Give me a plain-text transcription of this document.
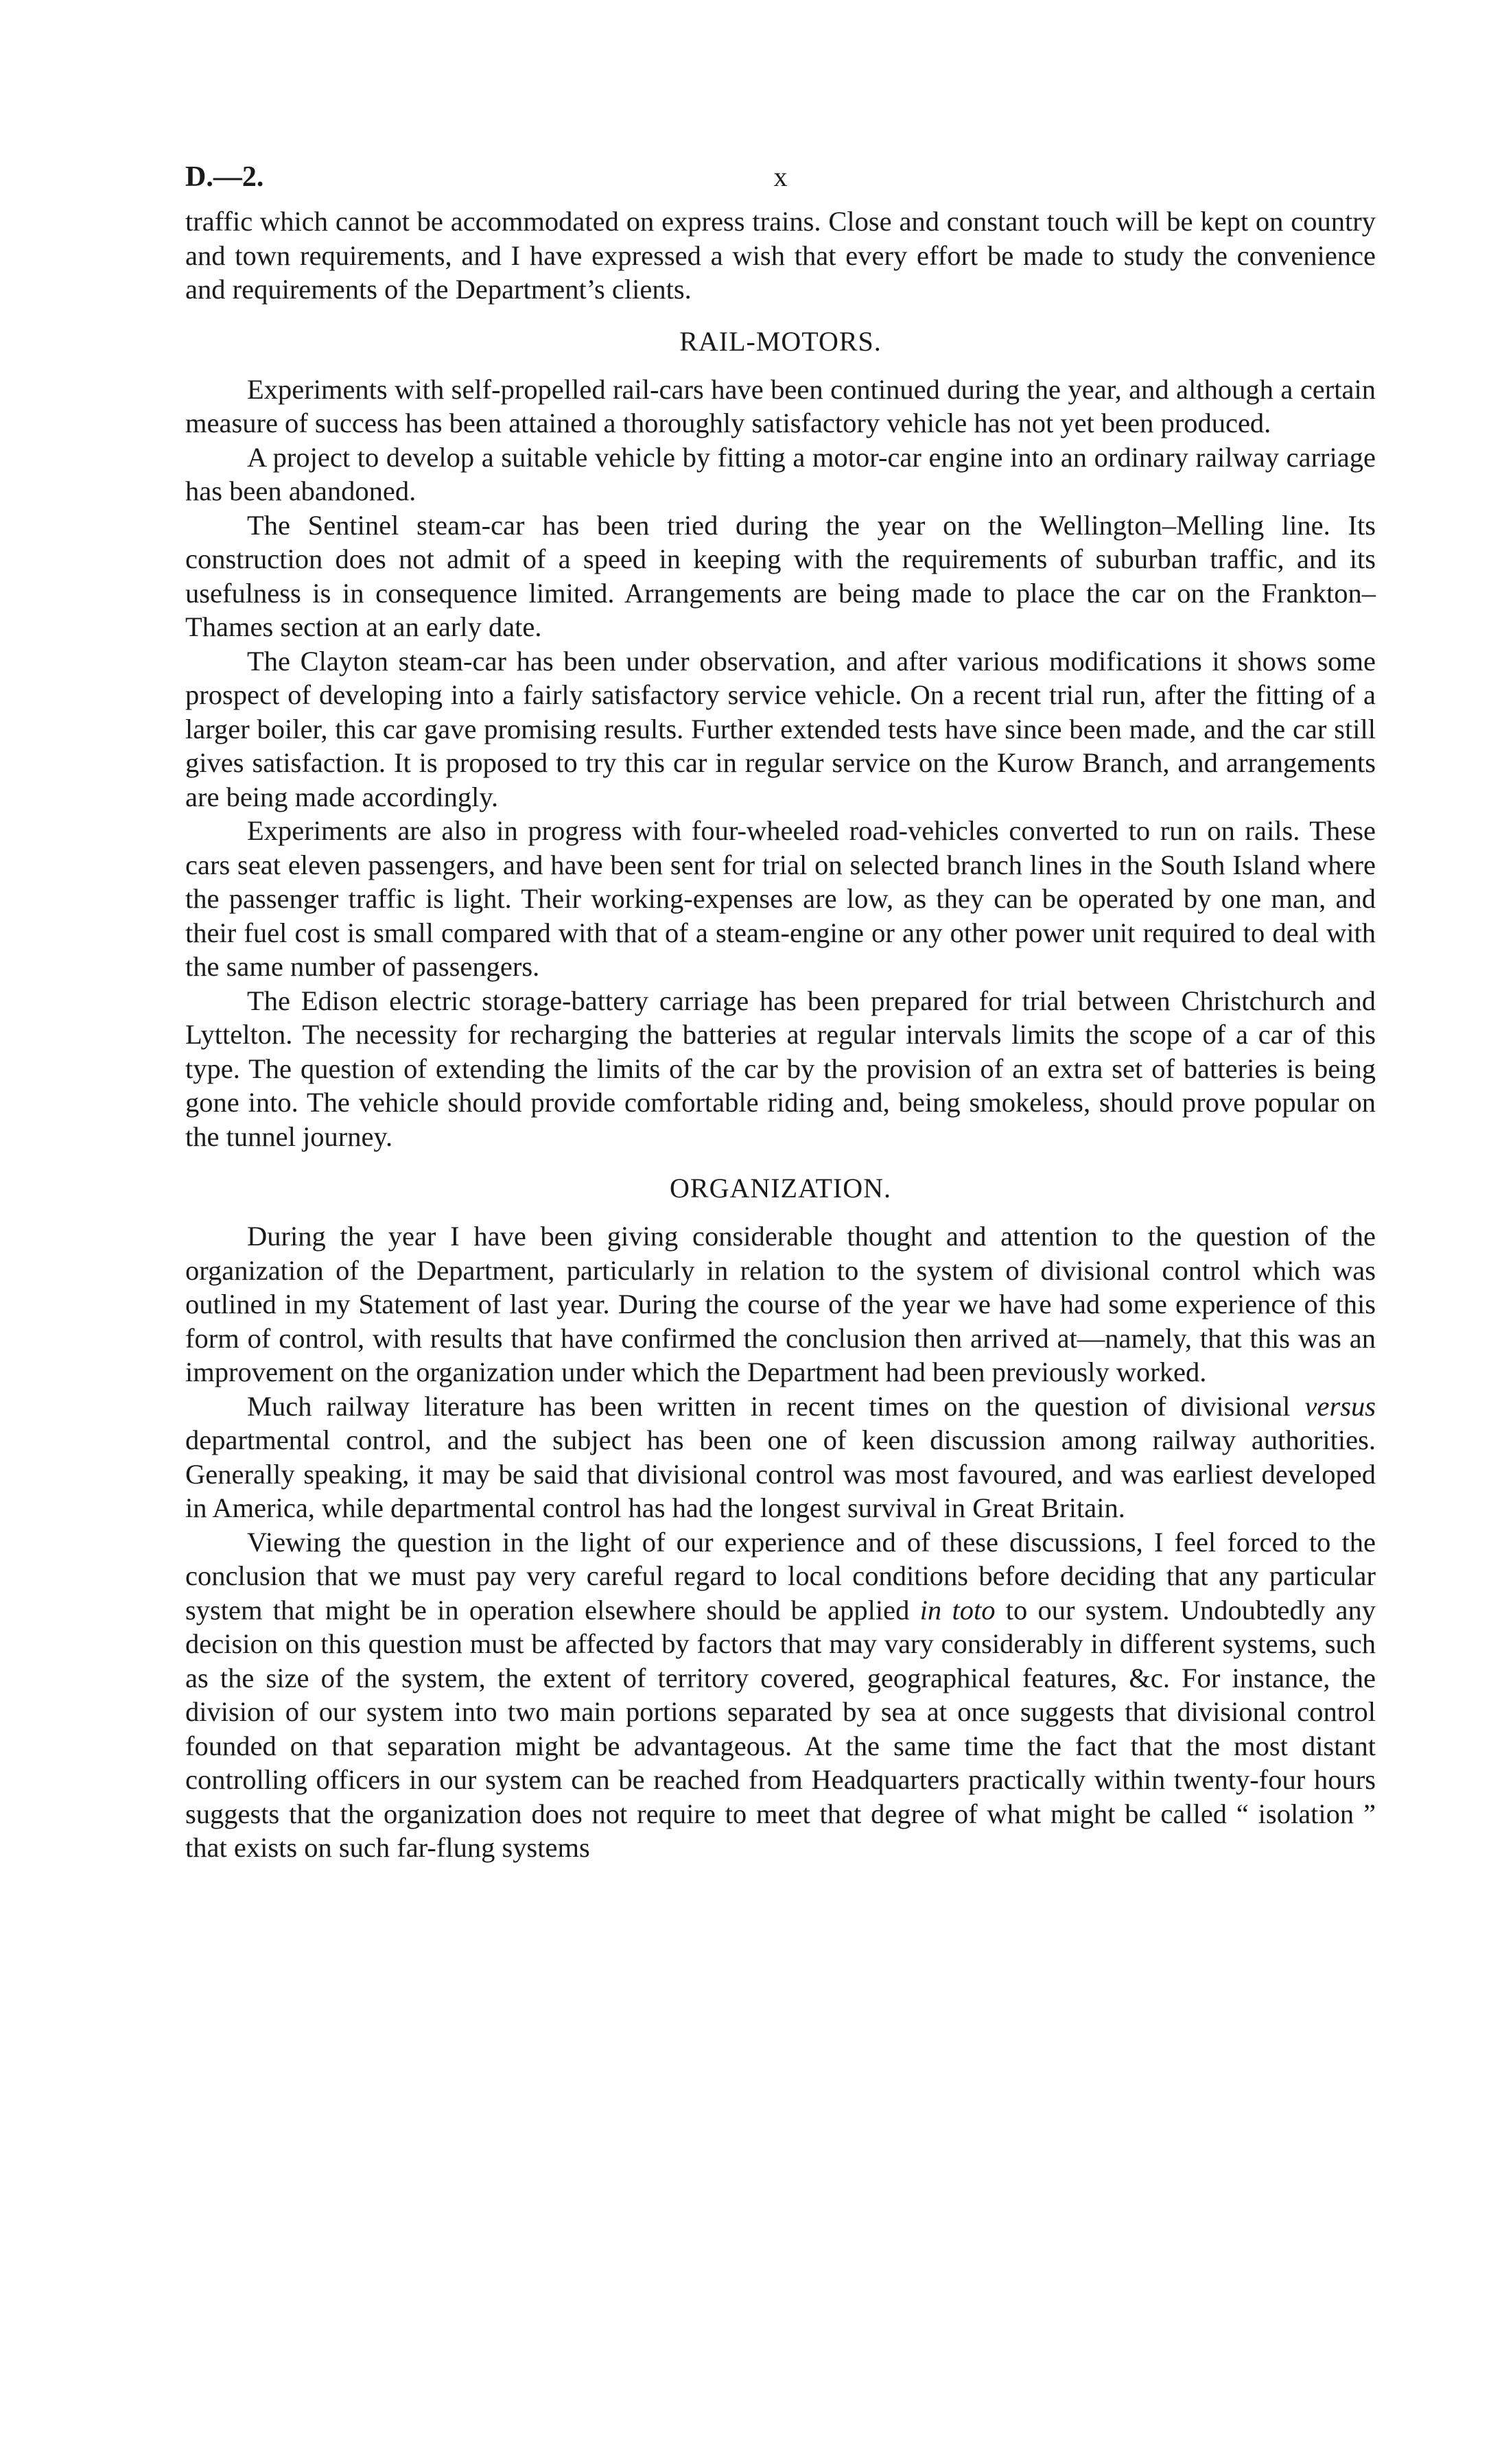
D.—2.	x

traffic which cannot be accommodated on express trains. Close and constant touch will be kept on country and town requirements, and I have expressed a wish that every effort be made to study the convenience and requirements of the Department’s clients.

RAIL-MOTORS.

Experiments with self-propelled rail-cars have been continued during the year, and although a certain measure of success has been attained a thoroughly satisfactory vehicle has not yet been produced.

A project to develop a suitable vehicle by fitting a motor-car engine into an ordinary railway carriage has been abandoned.

The Sentinel steam-car has been tried during the year on the Wellington–Melling line. Its construction does not admit of a speed in keeping with the requirements of suburban traffic, and its usefulness is in consequence limited. Arrangements are being made to place the car on the Frankton–Thames section at an early date.

The Clayton steam-car has been under observation, and after various modifications it shows some prospect of developing into a fairly satisfactory service vehicle. On a recent trial run, after the fitting of a larger boiler, this car gave promising results. Further extended tests have since been made, and the car still gives satisfaction. It is proposed to try this car in regular service on the Kurow Branch, and arrangements are being made accordingly.

Experiments are also in progress with four-wheeled road-vehicles converted to run on rails. These cars seat eleven passengers, and have been sent for trial on selected branch lines in the South Island where the passenger traffic is light. Their working-expenses are low, as they can be operated by one man, and their fuel cost is small compared with that of a steam-engine or any other power unit required to deal with the same number of passengers.

The Edison electric storage-battery carriage has been prepared for trial between Christchurch and Lyttelton. The necessity for recharging the batteries at regular intervals limits the scope of a car of this type. The question of extending the limits of the car by the provision of an extra set of batteries is being gone into. The vehicle should provide comfortable riding and, being smokeless, should prove popular on the tunnel journey.

ORGANIZATION.

During the year I have been giving considerable thought and attention to the question of the organization of the Department, particularly in relation to the system of divisional control which was outlined in my Statement of last year. During the course of the year we have had some experience of this form of control, with results that have confirmed the conclusion then arrived at—namely, that this was an improvement on the organization under which the Department had been previously worked.

Much railway literature has been written in recent times on the question of divisional versus departmental control, and the subject has been one of keen discussion among railway authorities. Generally speaking, it may be said that divisional control was most favoured, and was earliest developed in America, while departmental control has had the longest survival in Great Britain.

Viewing the question in the light of our experience and of these discussions, I feel forced to the conclusion that we must pay very careful regard to local conditions before deciding that any particular system that might be in operation elsewhere should be applied in toto to our system. Undoubtedly any decision on this question must be affected by factors that may vary considerably in different systems, such as the size of the system, the extent of territory covered, geographical features, &c. For instance, the division of our system into two main portions separated by sea at once suggests that divisional control founded on that separation might be advantageous. At the same time the fact that the most distant controlling officers in our system can be reached from Headquarters practically within twenty-four hours suggests that the organization does not require to meet that degree of what might be called “ isolation ” that exists on such far-flung systems
